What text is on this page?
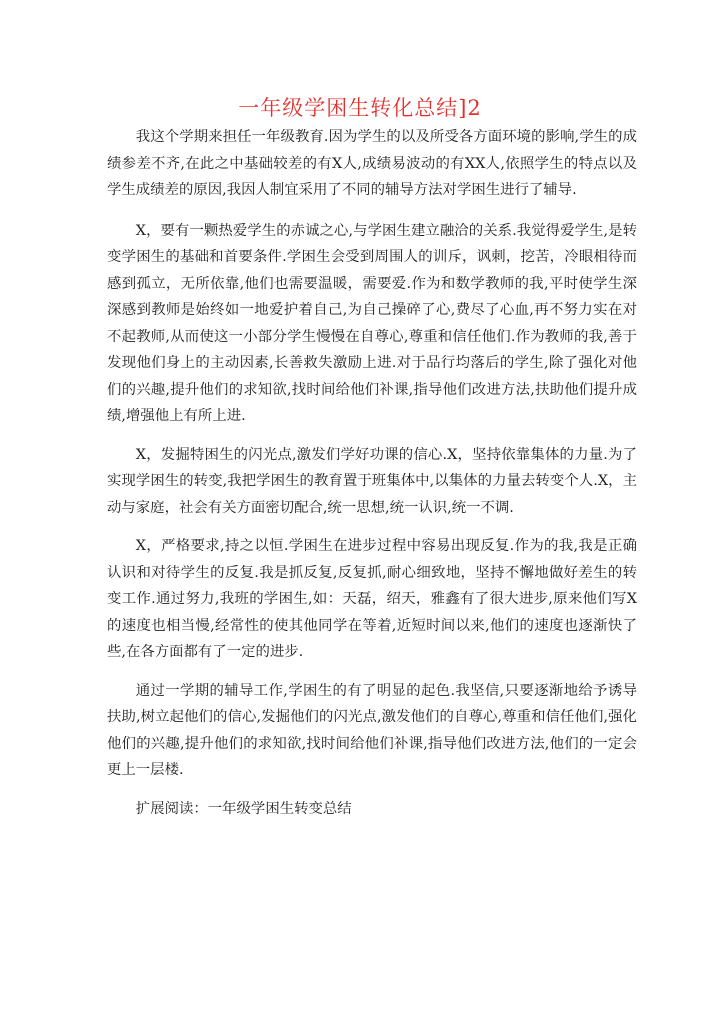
一年级学困生转化总结]2

我这个学期来担任一年级教育.因为学生的以及所受各方面环境的影响,学生的成绩参差不齐,在此之中基础较差的有X人,成绩易波动的有XX人,依照学生的特点以及学生成绩差的原因,我因人制宜采用了不同的辅导方法对学困生进行了辅导.

X，要有一颗热爱学生的赤诚之心,与学困生建立融洽的关系.我觉得爱学生,是转变学困生的基础和首要条件.学困生会受到周围人的训斥，讽刺，挖苦，冷眼相待而感到孤立，无所依靠,他们也需要温暖，需要爱.作为和数学教师的我,平时使学生深深感到教师是始终如一地爱护着自己,为自己操碎了心,费尽了心血,再不努力实在对不起教师,从而使这一小部分学生慢慢在自尊心,尊重和信任他们.作为教师的我,善于发现他们身上的主动因素,长善救失激励上进.对于品行均落后的学生,除了强化对他们的兴趣,提升他们的求知欲,找时间给他们补课,指导他们改进方法,扶助他们提升成绩,增强他上有所上进.

X，发掘特困生的闪光点,激发们学好功课的信心.X，坚持依靠集体的力量.为了实现学困生的转变,我把学困生的教育置于班集体中,以集体的力量去转变个人.X，主动与家庭，社会有关方面密切配合,统一思想,统一认识,统一不调.

X，严格要求,持之以恒.学困生在进步过程中容易出现反复.作为的我,我是正确认识和对待学生的反复.我是抓反复,反复抓,耐心细致地，坚持不懈地做好差生的转变工作.通过努力,我班的学困生,如：天磊，绍天，雅鑫有了很大进步,原来他们写X的速度也相当慢,经常性的使其他同学在等着,近短时间以来,他们的速度也逐渐快了些,在各方面都有了一定的进步.

通过一学期的辅导工作,学困生的有了明显的起色.我坚信,只要逐渐地给予诱导扶助,树立起他们的信心,发掘他们的闪光点,激发他们的自尊心,尊重和信任他们,强化他们的兴趣,提升他们的求知欲,找时间给他们补课,指导他们改进方法,他们的一定会更上一层楼.

扩展阅读：一年级学困生转变总结
